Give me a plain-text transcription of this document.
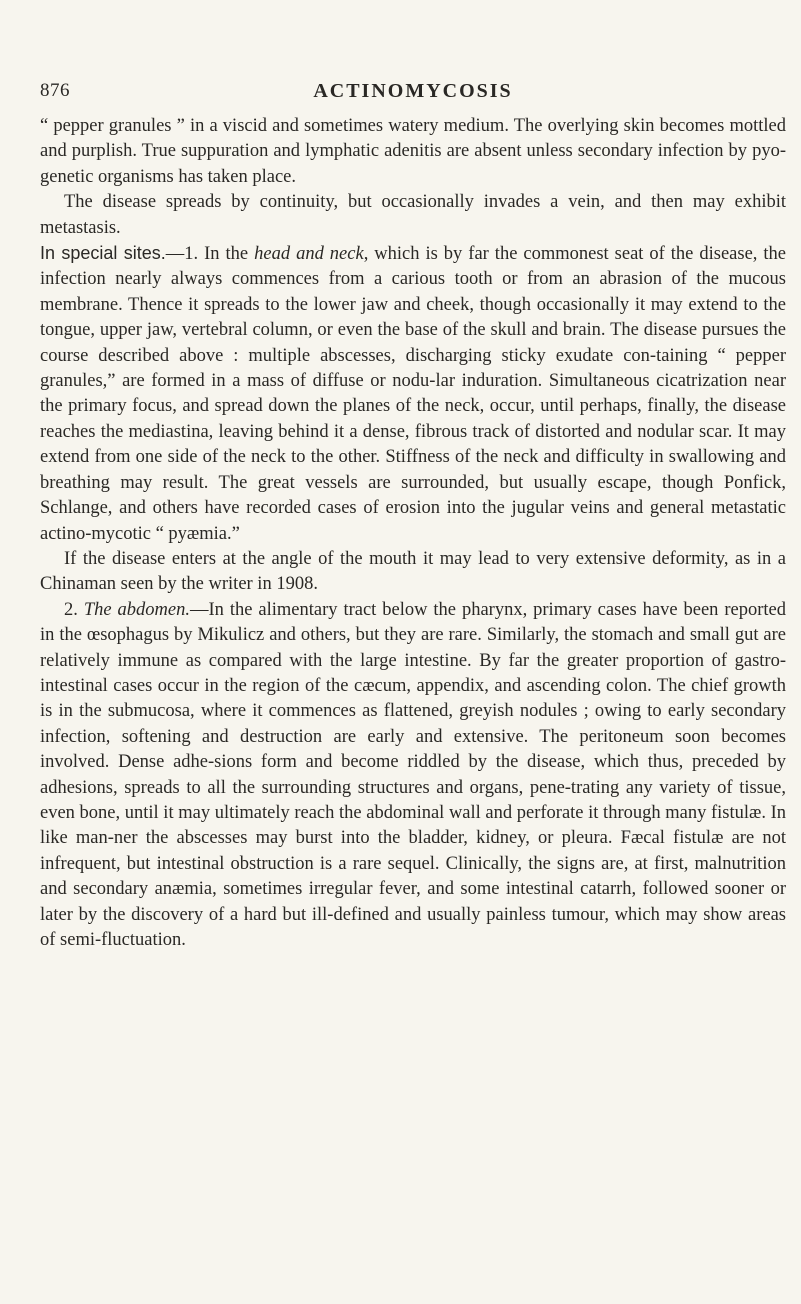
876	ACTINOMYCOSIS

“ pepper granules ” in a viscid and sometimes watery medium. The overlying skin becomes mottled and purplish. True suppuration and lymphatic adenitis are absent unless secondary infection by pyo-genetic organisms has taken place.

The disease spreads by continuity, but occasionally invades a vein, and then may exhibit metastasis.

In special sites.—1. In the head and neck, which is by far the commonest seat of the disease, the infection nearly always commences from a carious tooth or from an abrasion of the mucous membrane. Thence it spreads to the lower jaw and cheek, though occasionally it may extend to the tongue, upper jaw, vertebral column, or even the base of the skull and brain. The disease pursues the course described above : multiple abscesses, discharging sticky exudate con-taining “ pepper granules,” are formed in a mass of diffuse or nodu-lar induration. Simultaneous cicatrization near the primary focus, and spread down the planes of the neck, occur, until perhaps, finally, the disease reaches the mediastina, leaving behind it a dense, fibrous track of distorted and nodular scar. It may extend from one side of the neck to the other. Stiffness of the neck and difficulty in swallowing and breathing may result. The great vessels are surrounded, but usually escape, though Ponfick, Schlange, and others have recorded cases of erosion into the jugular veins and general metastatic actino-mycotic “ pyæmia.”

If the disease enters at the angle of the mouth it may lead to very extensive deformity, as in a Chinaman seen by the writer in 1908.

2. The abdomen.—In the alimentary tract below the pharynx, primary cases have been reported in the œsophagus by Mikulicz and others, but they are rare. Similarly, the stomach and small gut are relatively immune as compared with the large intestine. By far the greater proportion of gastro-intestinal cases occur in the region of the cæcum, appendix, and ascending colon. The chief growth is in the submucosa, where it commences as flattened, greyish nodules ; owing to early secondary infection, softening and destruction are early and extensive. The peritoneum soon becomes involved. Dense adhe-sions form and become riddled by the disease, which thus, preceded by adhesions, spreads to all the surrounding structures and organs, pene-trating any variety of tissue, even bone, until it may ultimately reach the abdominal wall and perforate it through many fistulæ. In like man-ner the abscesses may burst into the bladder, kidney, or pleura. Fæcal fistulæ are not infrequent, but intestinal obstruction is a rare sequel. Clinically, the signs are, at first, malnutrition and secondary anæmia, sometimes irregular fever, and some intestinal catarrh, followed sooner or later by the discovery of a hard but ill-defined and usually painless tumour, which may show areas of semi-fluctuation.
